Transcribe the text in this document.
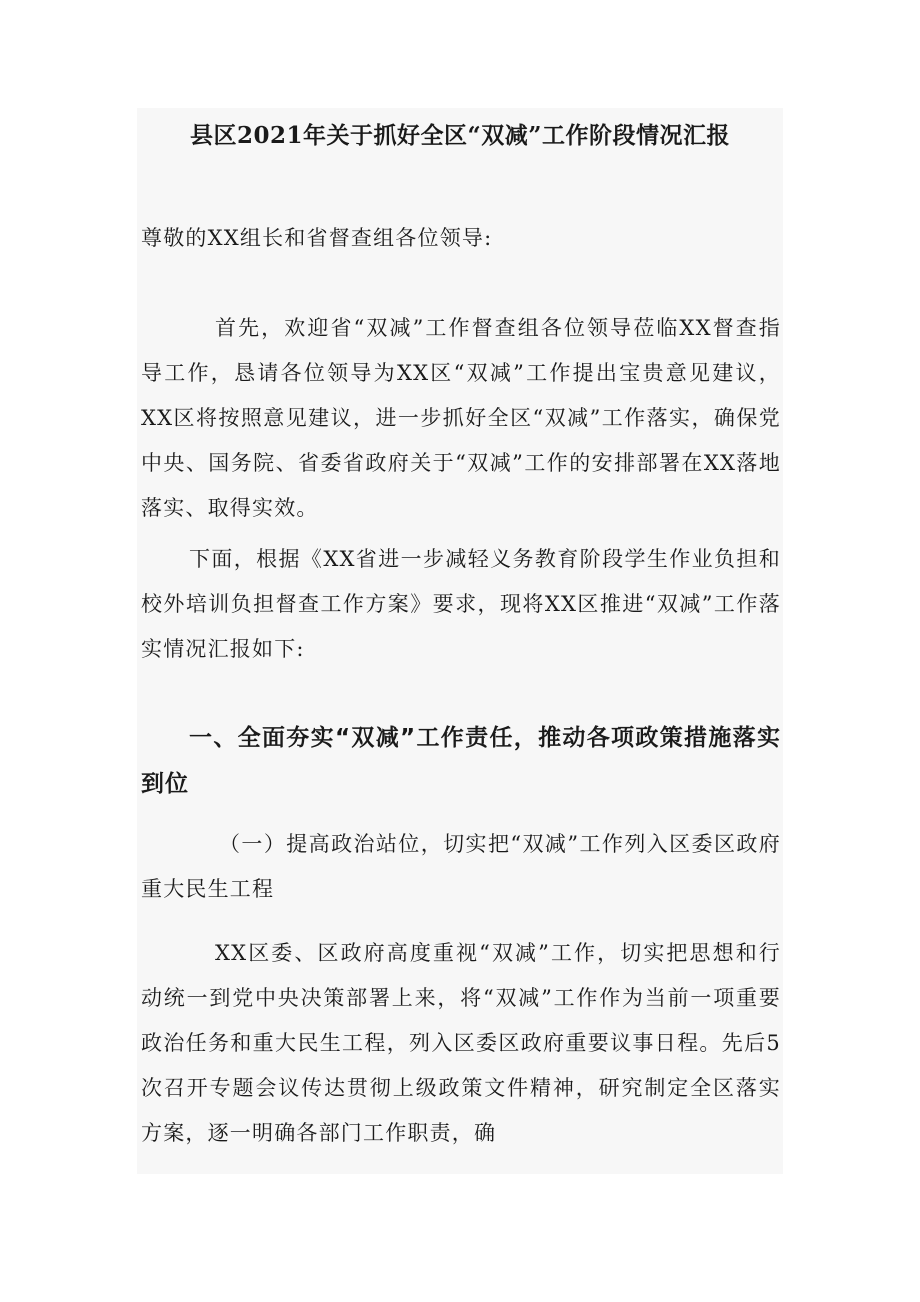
县区2021年关于抓好全区“双减”工作阶段情况汇报

尊敬的XX组长和省督查组各位领导:

首先，欢迎省“双减”工作督查组各位领导莅临XX督查指导工作，恳请各位领导为XX区“双减”工作提出宝贵意见建议，XX区将按照意见建议，进一步抓好全区“双减”工作落实，确保党中央、国务院、省委省政府关于“双减”工作的安排部署在XX落地落实、取得实效。

下面，根据《XX省进一步减轻义务教育阶段学生作业负担和校外培训负担督查工作方案》要求，现将XX区推进“双减”工作落实情况汇报如下:

一、全面夯实“双减”工作责任，推动各项政策措施落实到位

（一）提高政治站位，切实把“双减”工作列入区委区政府重大民生工程

XX区委、区政府高度重视“双减”工作，切实把思想和行动统一到党中央决策部署上来，将“双减”工作作为当前一项重要政治任务和重大民生工程，列入区委区政府重要议事日程。先后5次召开专题会议传达贯彻上级政策文件精神，研究制定全区落实方案，逐一明确各部门工作职责，确
